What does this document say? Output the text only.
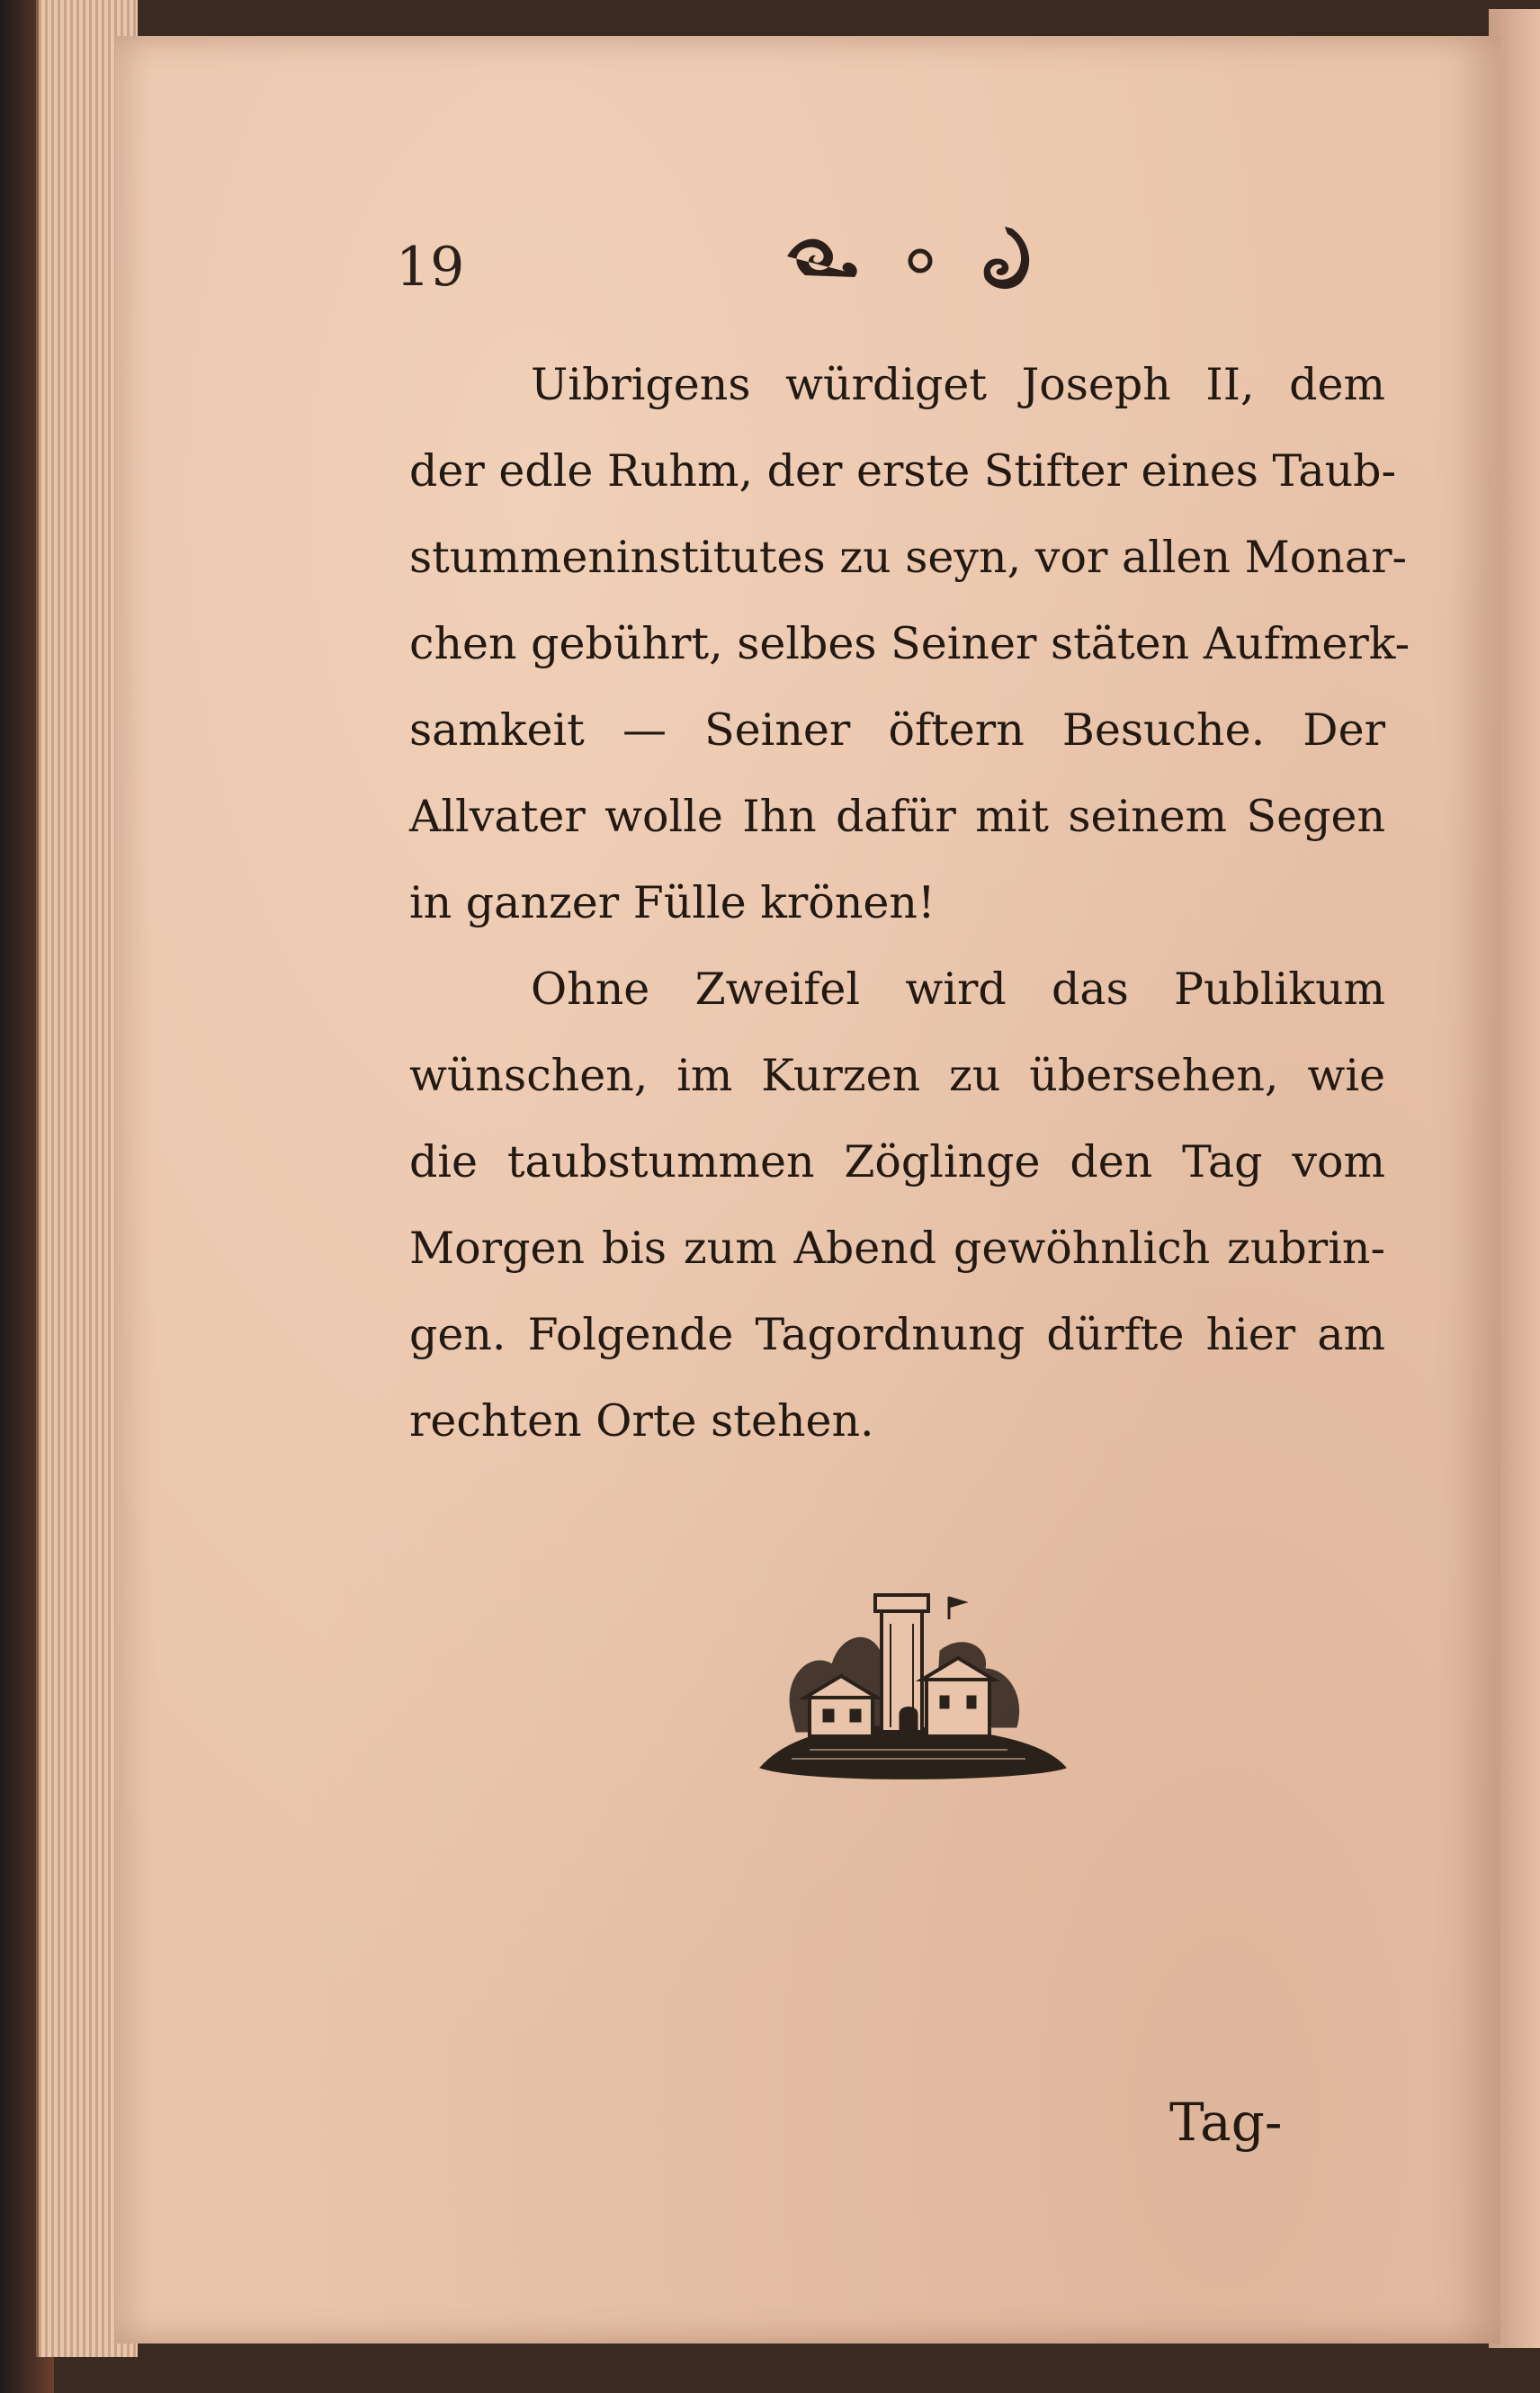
19
Uibrigens würdiget Joseph II, dem
der edle Ruhm, der erste Stifter eines Taub-
stummeninstitutes zu seyn, vor allen Monar-
chen gebührt, selbes Seiner stäten Aufmerk-
samkeit — Seiner öftern Besuche. Der
Allvater wolle Ihn dafür mit seinem Segen
in ganzer Fülle krönen!
Ohne Zweifel wird das Publikum
wünschen, im Kurzen zu übersehen, wie
die taubstummen Zöglinge den Tag vom
Morgen bis zum Abend gewöhnlich zubrin-
gen. Folgende Tagordnung dürfte hier am
rechten Orte stehen.
Tag-
